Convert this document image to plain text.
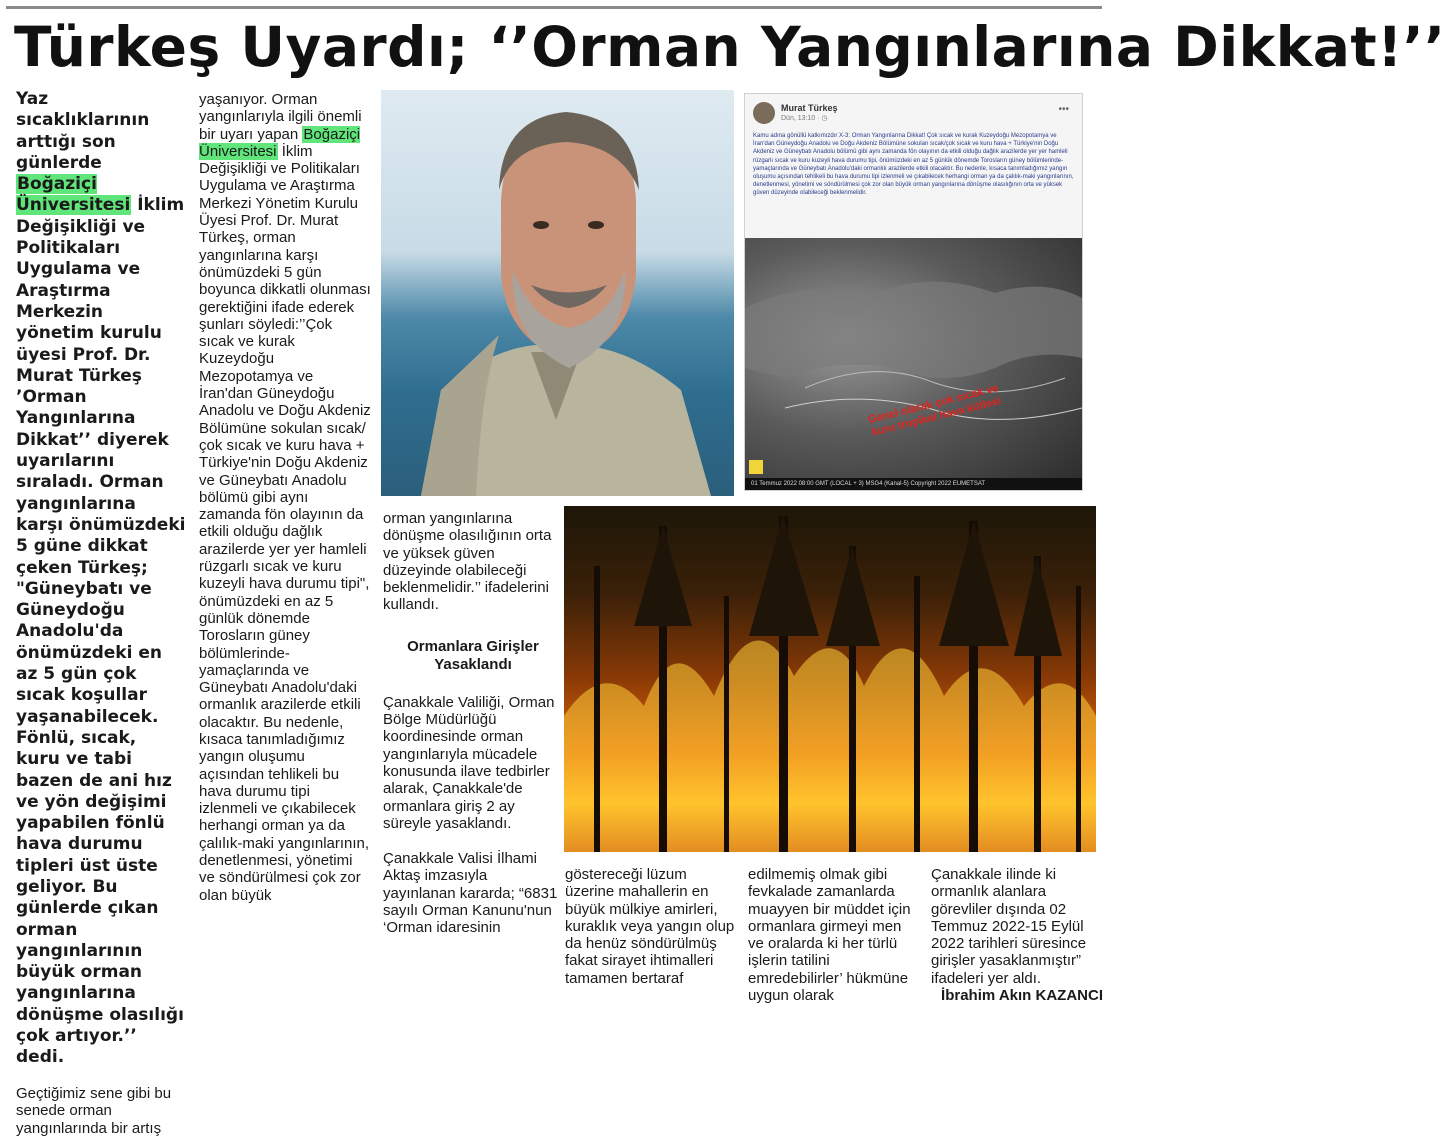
Türkeş Uyardı; ‘’Orman Yangınlarına Dikkat!’’

Yaz sıcaklıklarının arttığı son günlerde Boğaziçi Üniversitesi İklim Değişikliği ve Politikaları Uygulama ve Araştırma Merkezin yönetim kurulu üyesi Prof. Dr. Murat Türkeş ’Orman Yangınlarına Dikkat’’ diyerek uyarılarını sıraladı. Orman yangınlarına karşı önümüzdeki 5 güne dikkat çeken Türkeş; "Güneybatı ve Güneydoğu Anadolu'da önümüzdeki en az 5 gün çok sıcak koşullar yaşanabilecek. Fönlü, sıcak, kuru ve tabi bazen de ani hız ve yön değişimi yapabilen fönlü hava durumu tipleri üst üste geliyor. Bu günlerde çıkan orman yangınlarının büyük orman yangınlarına dönüşme olasılığı çok artıyor.’’ dedi.

Geçtiğimiz sene gibi bu senede orman yangınlarında bir artış

yaşanıyor. Orman yangınlarıyla ilgili önemli bir uyarı yapan Boğaziçi Üniversitesi İklim Değişikliği ve Politikaları Uygulama ve Araştırma Merkezi Yönetim Kurulu Üyesi Prof. Dr. Murat Türkeş, orman yangınlarına karşı önümüzdeki 5 gün boyunca dikkatli olunması gerektiğini ifade ederek şunları söyledi:’’Çok sıcak ve kurak Kuzeydoğu Mezopotamya ve İran'dan Güneydoğu Anadolu ve Doğu Akdeniz Bölümüne sokulan sıcak/çok sıcak ve kuru hava + Türkiye'nin Doğu Akdeniz ve Güneybatı Anadolu bölümü gibi aynı zamanda fön olayının da etkili olduğu dağlık arazilerde yer yer hamleli rüzgarlı sıcak ve kuru kuzeyli hava durumu tipi", önümüzdeki en az 5 günlük dönemde Torosların güney bölümlerinde-yamaçlarında ve Güneybatı Anadolu'daki ormanlık arazilerde etkili olacaktır. Bu nedenle, kısaca tanımladığımız yangın oluşumu açısından tehlikeli bu hava durumu tipi izlenmeli ve çıkabilecek herhangi orman ya da çalılık-maki yangınlarının, denetlenmesi, yönetimi ve söndürülmesi çok zor olan büyük

Murat Türkeş
Dün, 13:10 · ◷
•••
Kamu adına gönüllü katkımızdır X-3: Orman Yangınlarına Dikkat! Çok sıcak ve kurak Kuzeydoğu Mezopotamya ve İran'dan Güneydoğu Anadolu ve Doğu Akdeniz Bölümüne sokulan sıcak/çok sıcak ve kuru hava + Türkiye'nin Doğu Akdeniz ve Güneybatı Anadolu bölümü gibi aynı zamanda fön olayının da etkili olduğu dağlık arazilerde yer yer hamleli rüzgarlı sıcak ve kuru kuzeyli hava durumu tipi, önümüzdeki en az 5 günlük dönemde Torosların güney bölümlerinde-yamaçlarında ve Güneybatı Anadolu'daki ormanlık arazilerde etkili olacaktır. Bu nedenle, kısaca tanımladığımız yangın oluşumu açısından tehlikeli bu hava durumu tipi izlenmeli ve çıkabilecek herhangi orman ya da çalılık-maki yangınlarının, denetlenmesi, yönetimi ve söndürülmesi çok zor olan büyük orman yangınlarına dönüşme olasılığının orta ve yüksek güven düzeyinde olabileceği beklenmelidir.
Genel olarak çok sıcak ve kuru tropikal hava kütlesi
01 Temmuz 2022 08:00 GMT (LOCAL + 3) MSG4 (Kanal-5) Copyright 2022 EUMETSAT

orman yangınlarına dönüşme olasılığının orta ve yüksek güven düzeyinde olabileceği beklenmelidir.’’ ifadelerini kullandı.

Ormanlara Girişler Yasaklandı

Çanakkale Valiliği, Orman Bölge Müdürlüğü koordinesinde orman yangınlarıyla mücadele konusunda ilave tedbirler alarak, Çanakkale'de ormanlara giriş 2 ay süreyle yasaklandı.

Çanakkale Valisi İlhami Aktaş imzasıyla yayınlanan kararda; “6831 sayılı Orman Kanunu'nun ‘Orman idaresinin

göstereceği lüzum üzerine mahallerin en büyük mülkiye amirleri, kuraklık veya yangın olup da henüz söndürülmüş fakat sirayet ihtimalleri tamamen bertaraf

edilmemiş olmak gibi fevkalade zamanlarda muayyen bir müddet için ormanlara girmeyi men ve oralarda ki her türlü işlerin tatilini emredebilirler’ hükmüne uygun olarak

Çanakkale ilinde ki ormanlık alanlara görevliler dışında 02 Temmuz 2022-15 Eylül 2022 tarihleri süresince girişler yasaklanmıştır” ifadeleri yer aldı.

İbrahim Akın KAZANCI
